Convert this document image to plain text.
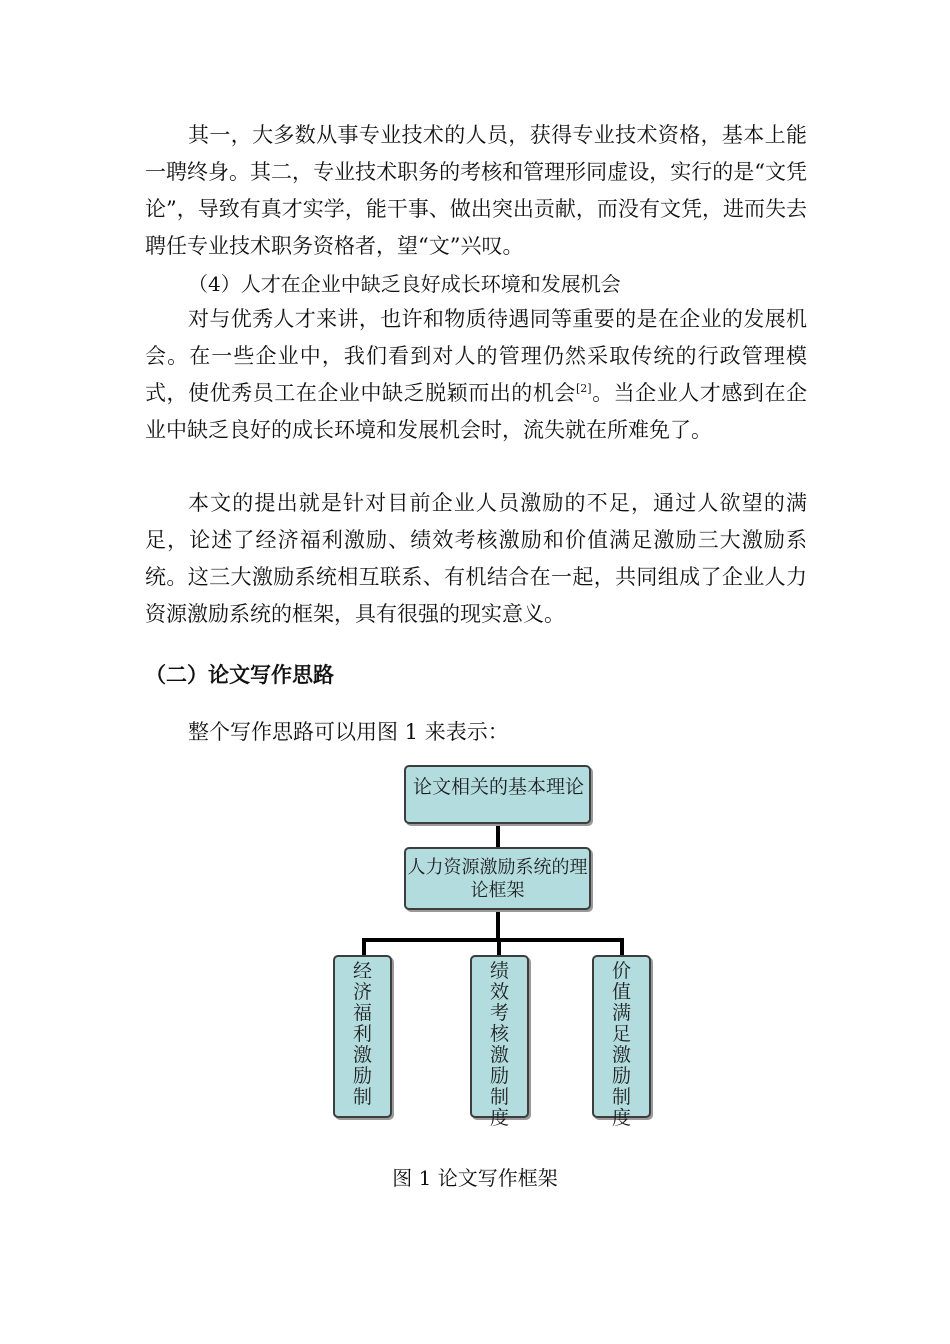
其一，大多数从事专业技术的人员，获得专业技术资格，基本上能一聘终身。其二，专业技术职务的考核和管理形同虚设，实行的是“文凭论”，导致有真才实学，能干事、做出突出贡献，而没有文凭，进而失去聘任专业技术职务资格者，望“文”兴叹。

（4）人才在企业中缺乏良好成长环境和发展机会

对与优秀人才来讲，也许和物质待遇同等重要的是在企业的发展机会。在一些企业中，我们看到对人的管理仍然采取传统的行政管理模式，使优秀员工在企业中缺乏脱颖而出的机会[2]。当企业人才感到在企业中缺乏良好的成长环境和发展机会时，流失就在所难免了。

本文的提出就是针对目前企业人员激励的不足，通过人欲望的满足，论述了经济福利激励、绩效考核激励和价值满足激励三大激励系统。这三大激励系统相互联系、有机结合在一起，共同组成了企业人力资源激励系统的框架，具有很强的现实意义。

（二）论文写作思路

整个写作思路可以用图 1 来表示：

论文相关的基本理论
人力资源激励系统的理论框架
经济福利激励制
绩效考核激励制度
价值满足激励制度

图 1 论文写作框架
